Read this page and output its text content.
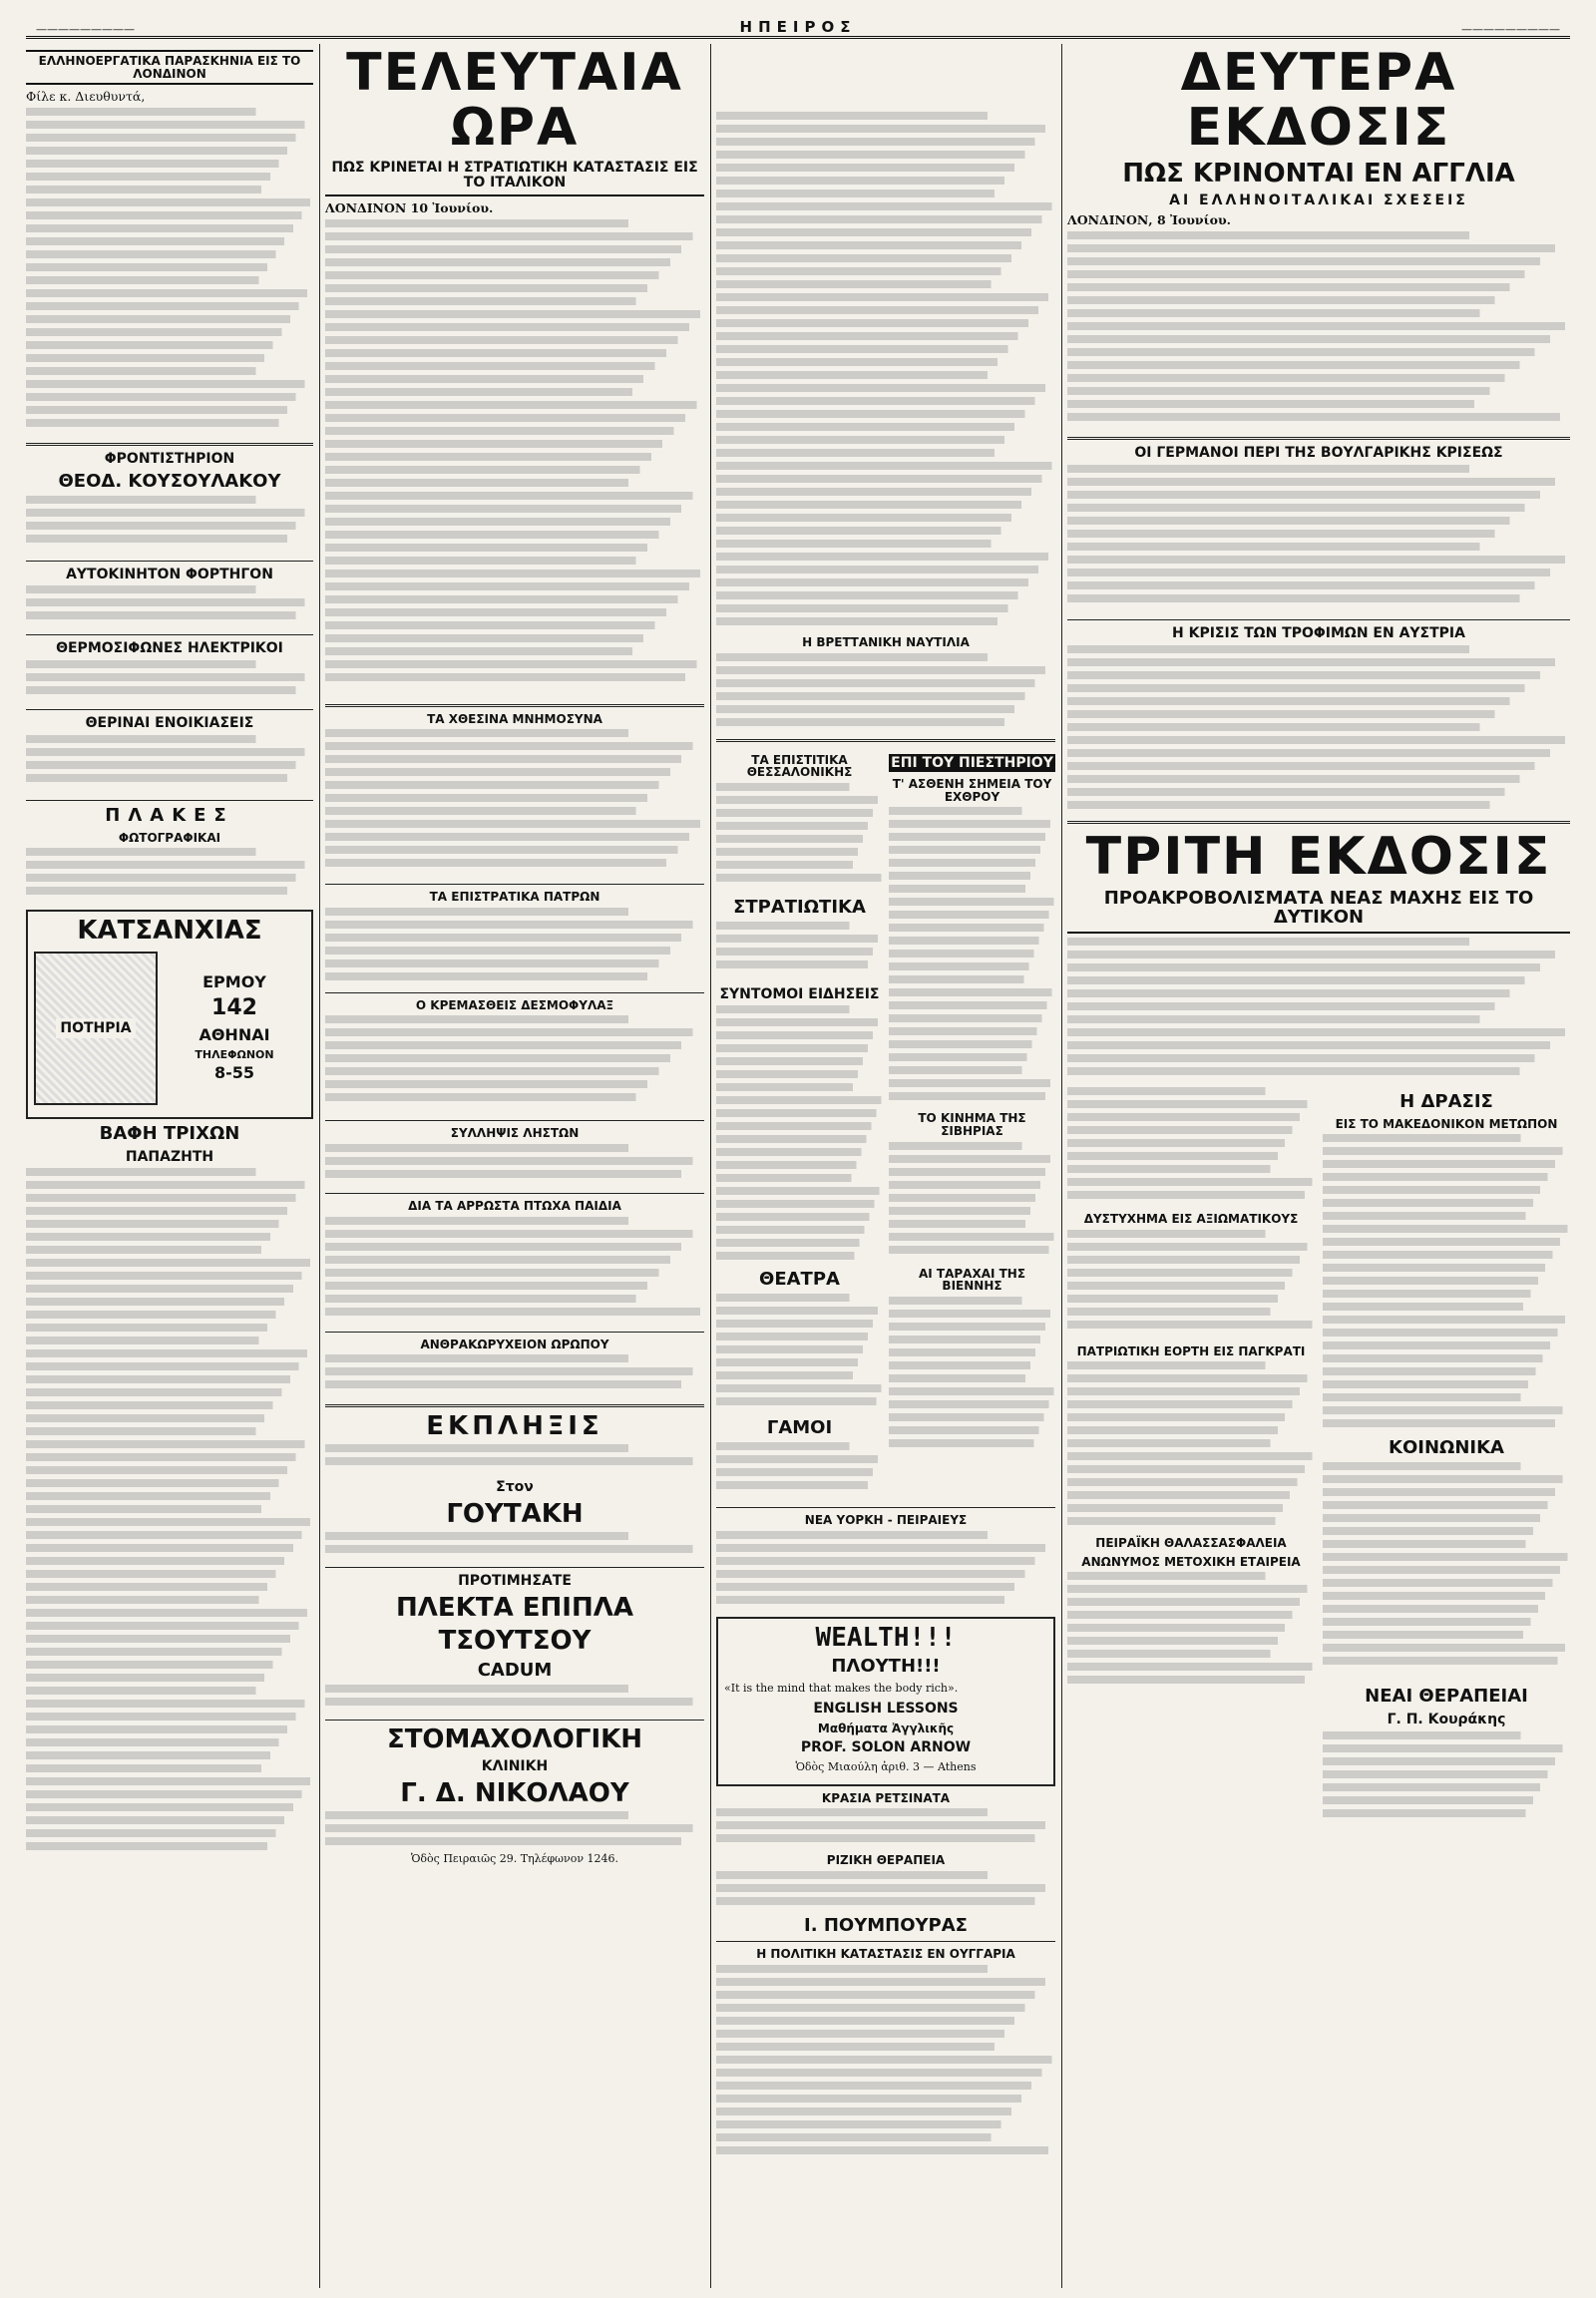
—————————	ΗΠΕΙΡΟΣ	—————————
ΕΛΛΗΝΟΕΡΓΑΤΙΚΑ ΠΑΡΑΣΚΗΝΙΑ ΕΙΣ ΤΟ ΛΟΝΔΙΝΟΝ

Φίλε κ. Διευθυντά,

ΦΡΟΝΤΙΣΤΗΡΙΟΝ
ΘΕΟΔ. ΚΟΥΣΟΥΛΑΚΟΥ
ΑΥΤΟΚΙΝΗΤΟΝ ΦΟΡΤΗΓΟΝ
ΘΕΡΜΟΣΙΦΩΝΕΣ ΗΛΕΚΤΡΙΚΟΙ
ΘΕΡΙΝΑΙ ΕΝΟΙΚΙΑΣΕΙΣ
ΠΛΑΚΕΣ
ΦΩΤΟΓΡΑΦΙΚΑΙ
ΚΑΤΣΑΝΧΙΑΣ
ΠΟΤΗΡΙΑ
ΕΡΜΟΥ
142
ΑΘΗΝΑΙ
ΤΗΛΕΦΩΝΟΝ
8-55
ΒΑΦΗ ΤΡΙΧΩΝ
ΠΑΠΑΖΗΤΗ
ΤΕΛΕΥΤΑΙΑ ΩΡΑ
ΠΩΣ ΚΡΙΝΕΤΑΙ Η ΣΤΡΑΤΙΩΤΙΚΗ ΚΑΤΑΣΤΑΣΙΣ ΕΙΣ ΤΟ ΙΤΑΛΙΚΟΝ

ΛΟΝΔΙΝΟΝ 10 Ἰουνίου.

ΤΑ ΧΘΕΣΙΝΑ ΜΝΗΜΟΣΥΝΑ
ΤΑ ΕΠΙΣΤΡΑΤΙΚΑ ΠΑΤΡΩΝ
Ο ΚΡΕΜΑΣΘΕΙΣ ΔΕΣΜΟΦΥΛΑΞ
ΣΥΛΛΗΨΙΣ ΛΗΣΤΩΝ
ΔΙΑ ΤΑ ΑΡΡΩΣΤΑ ΠΤΩΧΑ ΠΑΙΔΙΑ
ΑΝΘΡΑΚΩΡΥΧΕΙΟΝ ΩΡΩΠΟΥ
ΕΚΠΛΗΞΙΣ
Στον
ΓΟΥΤΑΚΗ
ΠΡΟΤΙΜΗΣΑΤΕ
ΠΛΕΚΤΑ ΕΠΙΠΛΑ
ΤΣΟΥΤΣΟΥ
CADUM
ΣΤΟΜΑΧΟΛΟΓΙΚΗ
ΚΛΙΝΙΚΗ
Γ. Δ. ΝΙΚΟΛΑΟΥ

Ὁδὸς Πειραιῶς 29. Τηλέφωνον 1246.

Η ΒΡΕΤΤΑΝΙΚΗ ΝΑΥΤΙΛΙΑ
ΤΑ ΕΠΙΣΤΙΤΙΚΑ ΘΕΣΣΑΛΟΝΙΚΗΣ
ΣΤΡΑΤΙΩΤΙΚΑ
ΣΥΝΤΟΜΟΙ ΕΙΔΗΣΕΙΣ
ΘΕΑΤΡΑ
ΓΑΜΟΙ
ΕΠΙ ΤΟΥ ΠΙΕΣΤΗΡΙΟΥ
Τ' ΑΣΘΕΝΗ ΣΗΜΕΙΑ ΤΟΥ ΕΧΘΡΟΥ
ΤΟ ΚΙΝΗΜΑ ΤΗΣ ΣΙΒΗΡΙΑΣ
ΑΙ ΤΑΡΑΧΑΙ ΤΗΣ ΒΙΕΝΝΗΣ
ΝΕΑ ΥΟΡΚΗ - ΠΕΙΡΑΙΕΥΣ
WEALTH!!!
ΠΛΟΥΤΗ!!!

«It is the mind that makes the body rich».

ENGLISH LESSONS
Μαθήματα Ἀγγλικῆς
PROF. SOLON ARNOW

Ὁδὸς Μιαούλη ἀριθ. 3 — Athens

ΚΡΑΣΙΑ ΡΕΤΣΙΝΑΤΑ
ΡΙΖΙΚΗ ΘΕΡΑΠΕΙΑ
Ι. ΠΟΥΜΠΟΥΡΑΣ
Η ΠΟΛΙΤΙΚΗ ΚΑΤΑΣΤΑΣΙΣ ΕΝ ΟΥΓΓΑΡΙΑ
ΔΕΥΤΕΡΑ ΕΚΔΟΣΙΣ
ΠΩΣ ΚΡΙΝΟΝΤΑΙ ΕΝ ΑΓΓΛΙΑ
ΑΙ ΕΛΛΗΝΟΙΤΑΛΙΚΑΙ ΣΧΕΣΕΙΣ

ΛΟΝΔΙΝΟΝ, 8 Ἰουνίου.

ΟΙ ΓΕΡΜΑΝΟΙ ΠΕΡΙ ΤΗΣ ΒΟΥΛΓΑΡΙΚΗΣ ΚΡΙΣΕΩΣ
Η ΚΡΙΣΙΣ ΤΩΝ ΤΡΟΦΙΜΩΝ ΕΝ ΑΥΣΤΡΙΑ
ΤΡΙΤΗ ΕΚΔΟΣΙΣ
ΠΡΟΑΚΡΟΒΟΛΙΣΜΑΤΑ ΝΕΑΣ ΜΑΧΗΣ ΕΙΣ ΤΟ ΔΥΤΙΚΟΝ
ΔΥΣΤΥΧΗΜΑ ΕΙΣ ΑΞΙΩΜΑΤΙΚΟΥΣ
ΠΑΤΡΙΩΤΙΚΗ ΕΟΡΤΗ ΕΙΣ ΠΑΓΚΡΑΤΙ
ΠΕΙΡΑΪΚΗ ΘΑΛΑΣΣΑΣΦΑΛΕΙΑ
ΑΝΩΝΥΜΟΣ ΜΕΤΟΧΙΚΗ ΕΤΑΙΡΕΙΑ
Η ΔΡΑΣΙΣ
ΕΙΣ ΤΟ ΜΑΚΕΔΟΝΙΚΟΝ ΜΕΤΩΠΟΝ
ΚΟΙΝΩΝΙΚΑ
ΝΕΑΙ ΘΕΡΑΠΕΙΑΙ
Γ. Π. Κουράκης
